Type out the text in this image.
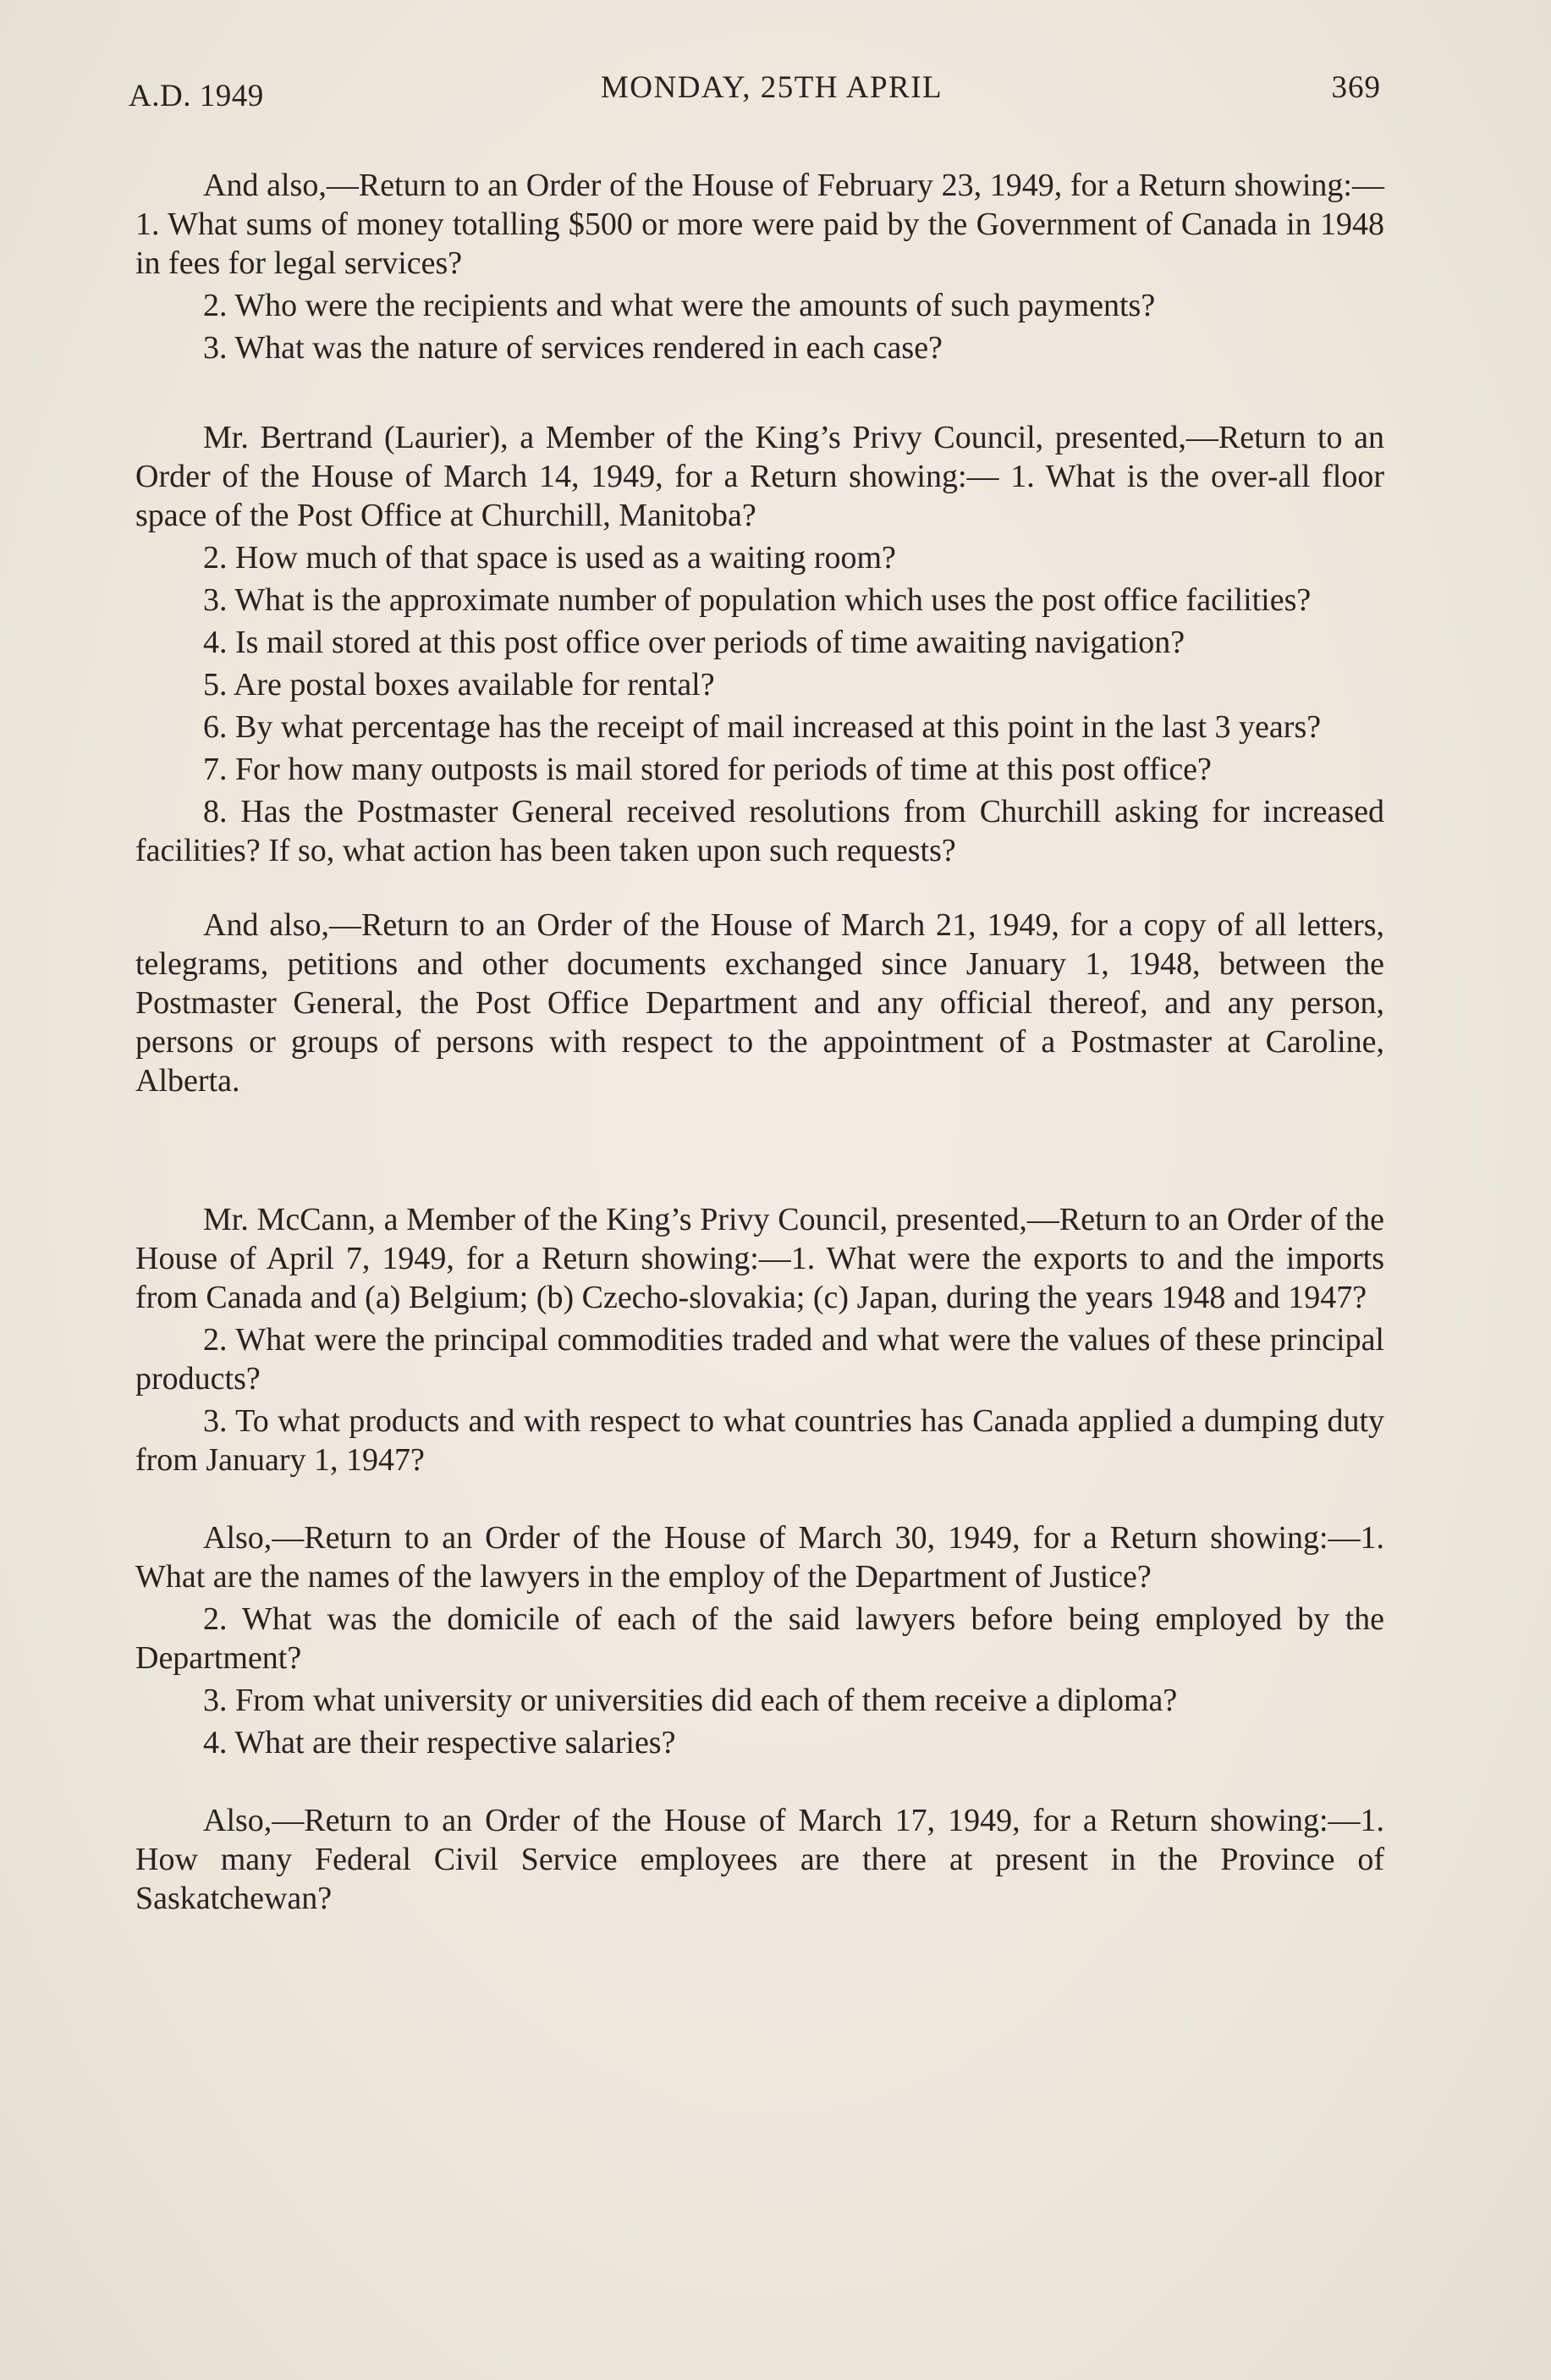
A.D. 1949	MONDAY, 25TH APRIL	369

And also,—Return to an Order of the House of February 23, 1949, for a Return showing:—1. What sums of money totalling $500 or more were paid by the Government of Canada in 1948 in fees for legal services?

2. Who were the recipients and what were the amounts of such payments?

3. What was the nature of services rendered in each case?

Mr. Bertrand (Laurier), a Member of the King’s Privy Council, presented,—Return to an Order of the House of March 14, 1949, for a Return showing:— 1. What is the over-all floor space of the Post Office at Churchill, Manitoba?

2. How much of that space is used as a waiting room?

3. What is the approximate number of population which uses the post office facilities?

4. Is mail stored at this post office over periods of time awaiting navigation?

5. Are postal boxes available for rental?

6. By what percentage has the receipt of mail increased at this point in the last 3 years?

7. For how many outposts is mail stored for periods of time at this post office?

8. Has the Postmaster General received resolutions from Churchill asking for increased facilities? If so, what action has been taken upon such requests?

And also,—Return to an Order of the House of March 21, 1949, for a copy of all letters, telegrams, petitions and other documents exchanged since January 1, 1948, between the Postmaster General, the Post Office Department and any official thereof, and any person, persons or groups of persons with respect to the appointment of a Postmaster at Caroline, Alberta.

Mr. McCann, a Member of the King’s Privy Council, presented,—Return to an Order of the House of April 7, 1949, for a Return showing:—1. What were the exports to and the imports from Canada and (a) Belgium; (b) Czecho-slovakia; (c) Japan, during the years 1948 and 1947?

2. What were the principal commodities traded and what were the values of these principal products?

3. To what products and with respect to what countries has Canada applied a dumping duty from January 1, 1947?

Also,—Return to an Order of the House of March 30, 1949, for a Return showing:—1. What are the names of the lawyers in the employ of the Department of Justice?

2. What was the domicile of each of the said lawyers before being employed by the Department?

3. From what university or universities did each of them receive a diploma?

4. What are their respective salaries?

Also,—Return to an Order of the House of March 17, 1949, for a Return showing:—1. How many Federal Civil Service employees are there at present in the Province of Saskatchewan?
